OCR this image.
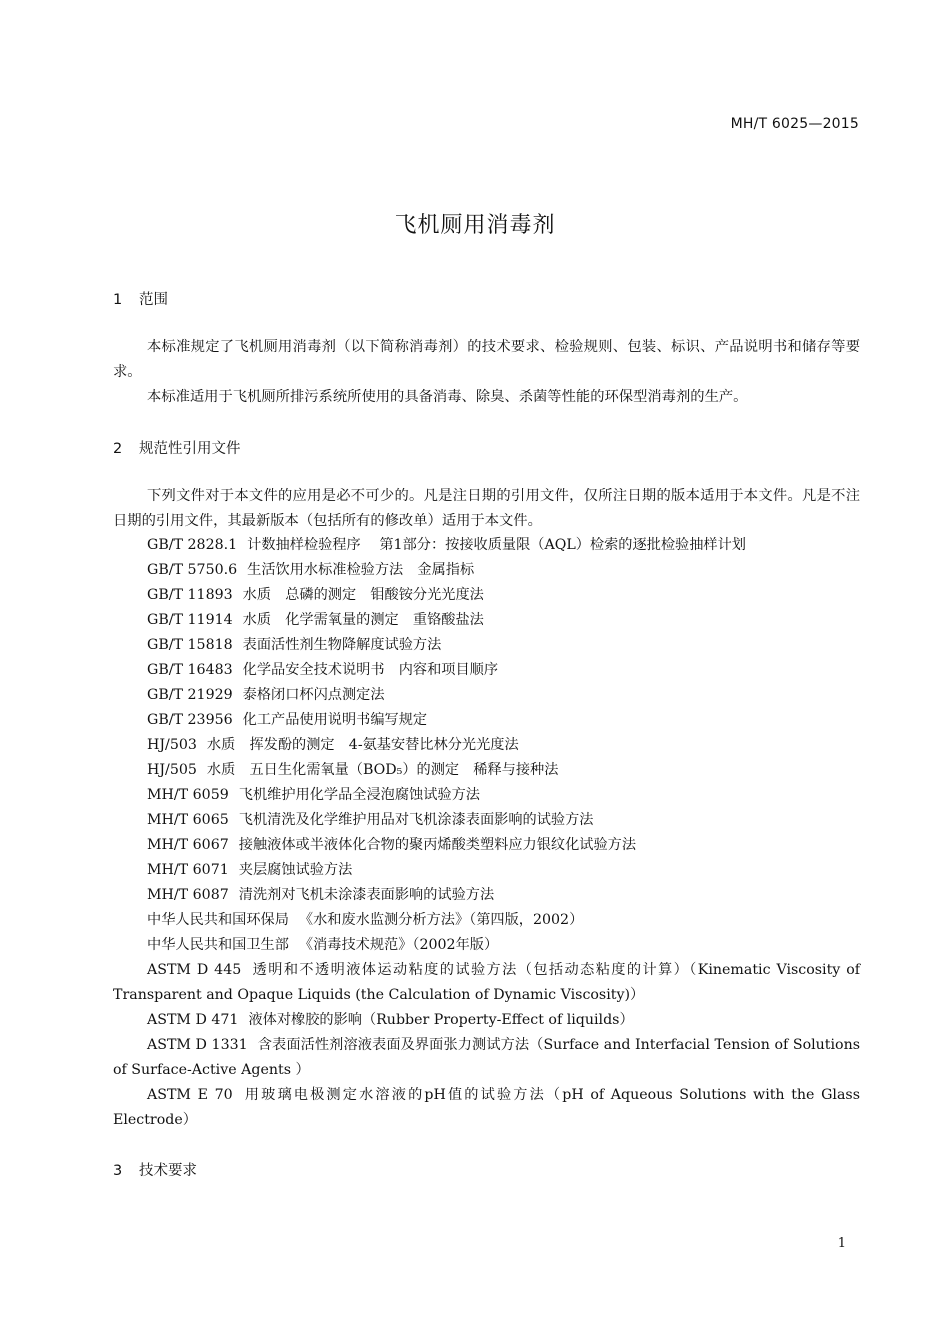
MH/T 6025—2015
飞机厕用消毒剂
1 范围
本标准规定了飞机厕用消毒剂（以下简称消毒剂）的技术要求、检验规则、包装、标识、产品说明书和储存等要求。
本标准适用于飞机厕所排污系统所使用的具备消毒、除臭、杀菌等性能的环保型消毒剂的生产。
2 规范性引用文件
下列文件对于本文件的应用是必不可少的。凡是注日期的引用文件，仅所注日期的版本适用于本文件。凡是不注日期的引用文件，其最新版本（包括所有的修改单）适用于本文件。
GB/T 2828.1 计数抽样检验程序　 第1部分：按接收质量限（AQL）检索的逐批检验抽样计划
GB/T 5750.6 生活饮用水标准检验方法　金属指标
GB/T 11893 水质　总磷的测定　钼酸铵分光光度法
GB/T 11914 水质　化学需氧量的测定　重铬酸盐法
GB/T 15818 表面活性剂生物降解度试验方法
GB/T 16483 化学品安全技术说明书　内容和项目顺序
GB/T 21929 泰格闭口杯闪点测定法
GB/T 23956 化工产品使用说明书编写规定
HJ/503 水质　挥发酚的测定　4-氨基安替比林分光光度法
HJ/505 水质　五日生化需氧量（BOD₅）的测定　稀释与接种法
MH/T 6059 飞机维护用化学品全浸泡腐蚀试验方法
MH/T 6065 飞机清洗及化学维护用品对飞机涂漆表面影响的试验方法
MH/T 6067 接触液体或半液体化合物的聚丙烯酸类塑料应力银纹化试验方法
MH/T 6071 夹层腐蚀试验方法
MH/T 6087 清洗剂对飞机未涂漆表面影响的试验方法
中华人民共和国环保局 《水和废水监测分析方法》（第四版，2002）
中华人民共和国卫生部 《消毒技术规范》（2002年版）
ASTM D 445 透明和不透明液体运动粘度的试验方法（包括动态粘度的计算）（Kinematic Viscosity of Transparent and Opaque Liquids (the Calculation of Dynamic Viscosity)）
ASTM D 471 液体对橡胶的影响（Rubber Property-Effect of liquilds）
ASTM D 1331 含表面活性剂溶液表面及界面张力测试方法（Surface and Interfacial Tension of Solutions of Surface-Active Agents ）
ASTM E 70 用玻璃电极测定水溶液的pH值的试验方法（pH of Aqueous Solutions with the Glass Electrode）
3 技术要求
1
